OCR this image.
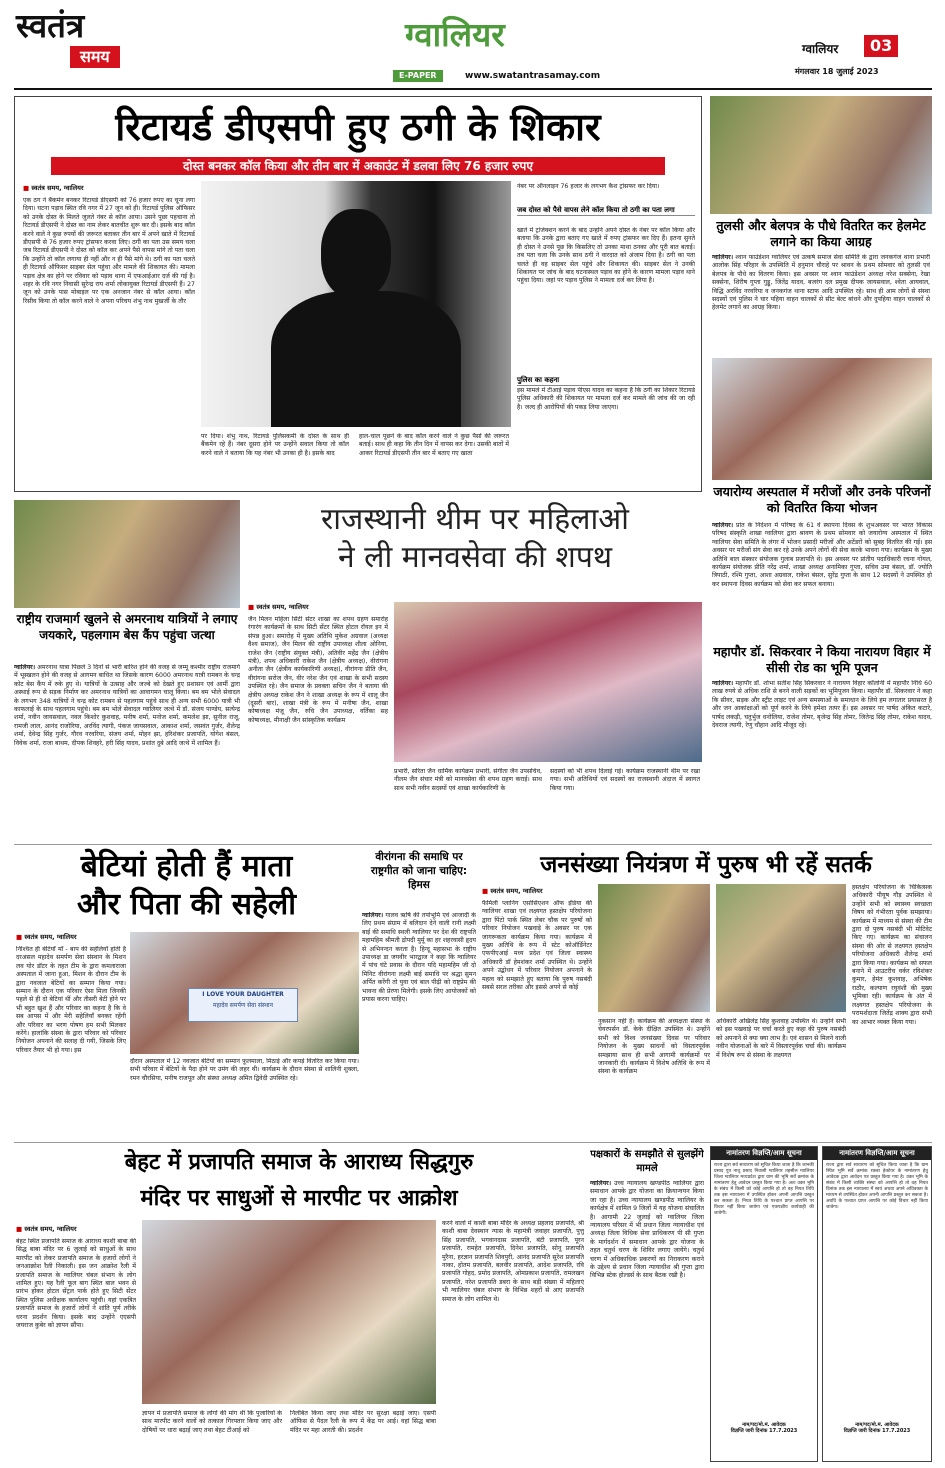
स्वतंत्र
समय
ग्वालियर
E-PAPER	www.swatantrasamay.com
ग्वालियर	03
मंगलवार 18 जुलाई 2023
रिटायर्ड डीएसपी हुए ठगी के शिकार
दोस्त बनकर कॉल किया और तीन बार में अकाउंट में डलवा लिए 76 हजार रुपए
■ स्वतंत्र समय, ग्वालियर
एक ठग ने बैंकमेन बनकर रिटायर्ड डीएसपी को 76 हजार रुपए का चूना लगा दिया। घटना पड़ाव स्थित रवि नगर में 27 जून को ही। रिटायर्ड पुलिस ऑफिसर को उनके दोस्त के मिलते जुलते नंबर से कॉल आया। उसने पूछा पहचाना तो रिटायर्ड डीएसपी ने दोस्त का नाम लेकर बातचीत शुरू कर दी। इसके बाद कॉल करने वाले ने कुछ रुपयों की जरूरत बताकर तीन बार में अपने खाते में रिटायर्ड डीएसपी से 76 हजार रुपए ट्रांसफर करवा लिए। ठगी का पता उस समय चला जब रिटायर्ड डीएसपी ने दोस्त को कॉल कर अपने पैसे वापस मांगे तो पता चला कि उन्होंने तो कॉल लगाया ही नहीं और न ही पैसे मांगे थे। ठगी का पता चलते ही रिटायर्ड ऑफिसर साइबर सेल पहुंचा और मामले की शिकायत की। मामला पड़ाव क्षेत्र का होने पर रविवार को पड़ाव थाना में एफआईआर दर्ज की गई है। शहर के रवि नगर निवासी सुरेन्द्र राय शर्मा लोकायुक्त रिटायर्ड डीएसपी हैं। 27 जून को उनके पास मोबाइल पर एक अनजान नंबर से कॉल आया। कॉल रिसीव किया तो कॉल करने वाले ने अपना परिचय शंभु नाथ मुखर्जी के तौर
पर दिया। शंभु नाथ, रिटायर्ड पुलिसकर्मी के दोस्त के साथ ही बैंकमेन रहे हैं। नंबर दूसरा होने पर उन्होंने सवाल किया तो कॉल करने वाले ने बताया कि यह नंबर भी उनका ही है। इसके बाद
हाल-चाल पूछने के बाद कॉल करने वाले ने कुछ पैसों की जरूरत बताई। साथ ही कहा कि तीन दिन में वापस कर देगा। उसकी बातों में आकर रिटायर्ड डीएसपी तीन बार में बताए गए खाता
नंबर पर ऑनलाइन 76 हजार के लगभग कैश ट्रांसफर कर दिया।
जब दोस्त को पैसे वापस लेने कॉल किया तो ठगी का पता लगा
खाते में ट्रांजेक्शन करने के बाद उन्होंने अपने दोस्त के नंबर पर कॉल किया और बताया कि उनके द्वारा बताए गए खाते में रुपए ट्रांसफर कर दिए हैं। इतना सुनते ही दोस्त ने उनसे पूछ कि किसलिए तो उनका माथा ठनका और पूरी बात बताई। तब पता चला कि उनके साथ ठगी ने वारदात को अंजाम दिया है। ठगी का पता चलते ही वह साइबर सेल पहुंचे और शिकायत की। साइबर सेल ने उनकी शिकायत पर जांच के बाद घटनास्थल पड़ाव का होने के कारण मामला पड़ाव थाने पहुंचा दिया। जहां पर पड़ाव पुलिस ने मामला दर्ज कर लिया है।
पुलिस का कहना
इस मामले में टीआई पड़ाव पीएस यादव का कहना है कि ठगी का शिकार रिटायर्ड पुलिस अधिकारी की शिकायत पर मामला दर्ज कर मामले की जांच की जा रही है। जल्द ही आरोपियों की पकड़ लिया जाएगा।
तुलसी और बेलपत्र के पौधे वितरित कर हेलमेट लगाने का किया आग्रह
ग्वालियर। श्वान फाउंडेशन ग्वालियर एवं उत्कर्ष समाज सेवा समिति के द्वारा जनकगंज थाना प्रभारी आलोक सिंह परिहार के उपस्थिति में हनुमान चौराहे पर श्रावन के प्रथम सोमवार को तुलसी एवं बेलपत्र के पौधे का वितरण किया। इस अवसर पर श्वान फाउंडेशन अध्यक्ष नरेश सक्सेना, रेखा सक्सेना, शिरीष गुप्ता गुड्डू, जितेंद्र यादव, बजरंग दल प्रमुख दीपक जायसवाल, श्वेता आयवाल, विद्धि अरविंद नरवरिया व जनकगंज थाना स्टाफ आदि उपस्थित रहे। साथ ही आम लोगों से संस्था सदस्यों एवं पुलिस ने चार पहिया वाहन चालकों से सीट बेल्ट बांधने और दुपहिया वाहन चालकों से हेलमेट लगाने का आग्रह किया।
जयारोग्य अस्पताल में मरीजों और उनके परिजनों को वितरित किया भोजन
ग्वालियर। प्रांत के निर्देशन में परिषद के 61 वें स्थापना दिवस के शुभअवसर पर भारत विकास परिषद संस्कृति शाखा ग्वालियर द्वारा श्रावण के प्रथम सोमवार को जयारोग्य अस्पताल में स्थित ग्वालियर सेवा समिति के लंगर में भोजन प्रसादी मरीजों और अटेंडरों को सुबह वितरित की गई। इस अवसर पर मरीजों संग सेवा कर रहे उनके अपने लोगों की सेवा करके भावना गया। कार्यक्रम के मुख्य अतिथि बाल संस्कार संयोजक गुलाब प्रजापति थे। इस अवसर पर प्रांतीय पदाधिकारी रचना गोयल, कार्यक्रम संयोजक प्रीति नरेंद्र शर्मा, शाखा अध्यक्ष अनामिका गुप्ता, सचिव उमा बंसल, डॉ. ज्योति त्रिपाठी, रश्मि गुप्ता, आशा अग्रवाल, राकेश बंसल, सुरेंद्र गुप्ता के साथ 12 सदस्यों ने उपस्थित हो कर स्थापना दिवस कार्यक्रम को सेवा कर सफल बनाया।
महापौर डॉ. सिकरवार ने किया नारायण विहार में सीसी रोड का भूमि पूजन
ग्वालियर। महापौर डॉ. शोभा सतीश सिंह सिकरवार ने नारायण विहार कॉलोनी में महापौर निधि 60 लाख रुपये से अधिक राशि से बनने वाली सड़कों का भूमिपूजन किया। महापौर डॉ. सिकरवार ने कहा कि सीवर, सड़क और स्ट्रीट लाइट एवं अन्य समस्याओं के समाधान के लिये हम लगातार प्रयासरत है और जन आकांक्षाओं को पूर्ण करने के लिये हमेशा तत्पर हैं। इस अवसर पर पार्षद अंकित कटारे, पार्षद लकड़ी, चतुर्भुज धनोलिया, राजेश तोमर, बृजेन्द्र सिंह तोमर, जितेन्द्र सिंह तोमर, राकेश यादव, देवराज त्यागी, रेणु चौहान आदि मौजूद रहे।
राष्ट्रीय राजमार्ग खुलने से अमरनाथ यात्रियों ने लगाए जयकारे, पहलगाम बेस कैंप पहुंचा जत्था
ग्वालियर। अमरनाथ यात्रा पिछले 3 दिनों से भारी बारिश होने की वजह से जम्मू कश्मीर राष्ट्रीय राजमार्ग में भूस्खलन होने की वजह से आगमन बाधित था जिसके कारण 6000 अमरनाथ यात्री रामबन के चन्द्र कोट बेस कैंप में रुके हुए थे। यात्रियों के उत्साह और जज्बे को देखते हुए प्रशासन एवं आर्मी द्वारा अस्थाई रूप से सड़क निर्माण कर अमरनाथ यात्रियों का आवागमन चालू किया। बम बम भोले सेवादल के लगभग 348 यात्रियों ने चन्द्र कोट रामबन से पहलगाम पहुंचे साथ ही अन्य सभी 6000 यात्री भी काफलाई के साथ पहलगाम पहुंचे। बम बम भोले सेवादल ग्वालियर जत्थे में डॉ. संजय पाण्डेय, सत्येन्द्र शर्मा, नवीन जायसवाल, नवल किशोर कुशवाह, मनीष शर्मा, मनोज शर्मा, कमलेश झा, सुनील राजू, रामजी लाल, आनंद राजोरिया, अरविंद त्यागी, पंकज जायसवाल, आकाश शर्मा, जसवंत गुर्जर, शैलेन्द्र शर्मा, देवेन्द्र सिंह गुर्जर, गौरव नरवरिया, संजय शर्मा, मोहन झा, हरिशंकर प्रजापति, योगेश बंसल, विवेक शर्मा, राजा बाथम, दीपक शिवहरे, हरी सिंह यादव, प्रशांत दुबे आदि जत्थे में शामिल हैं।
राजस्थानी थीम पर महिलाओ
ने ली मानवसेवा की शपथ
■ स्वतंत्र समय, ग्वालियर
जैन मिलन महिला सिटी सेंटर शाखा का शपथ ग्रहण समारोह रंगारंग कार्यक्रमों के साथ सिटी सेंटर स्थित होटल रॉयल इन में संपन्न हुआ। समारोह में मुख्य अतिथि मुकेश अग्रवाल (अध्यक्ष वैश्य समाज), जैन मिलन की राष्ट्रीय उपाध्यक्ष शीला ओनिया, राजेश जैन (राष्ट्रीय संयुक्त मंत्री), अतिवीर महेंद्र जैन (क्षेत्रीय मंत्री), शपथ अधिकारी राकेश जैन (क्षेत्रीय अध्यक्ष), वीरांगना अनीता जैन (क्षेत्रीय कार्यकारिणी अध्यक्ष), वीरांगना प्रीति जैन, वीरांगना सरोज जैन, वीर नरेश जैन एवं शाखा के सभी सदस्य उपस्थित रहे। जैन समाज के प्रवक्ता सचिन जैन ने बताया की क्षेत्रीय अध्यक्ष राकेश जैन ने शाखा अध्यक्ष के रूप में शालू जैन (दूसरी बार), शाखा मंत्री के रूप में मनीषा जैन, शाखा कोषाध्यक्ष मंजू जैन, रुचि जैन उपाध्यक्ष, वर्तिका सह कोषाध्यक्ष, मीनाक्षी जैन सांस्कृतिक कार्यक्रम
प्रभारी, सरिता जैन धार्मिक कार्यक्रम प्रभारी, संगीता जैन उपसचिव, नीलम जैन संचार मंत्री को मानवसेवा की शपथ ग्रहण कराई। साथ साथ सभी नवीन सदस्यों एवं शाखा कार्यकारिणी के
सदस्यों को भी शपथ दिलाई गई। कार्यक्रम राजस्थानी थीम पर रखा गया। सभी अतिथियों एवं सदस्यों का राजस्थानी अंदाज में स्वागत किया गया।
बेटियां होती हैं माता
और पिता की सहेली
■ स्वतंत्र समय, ग्वालियर
निश्चित ही बेटियाँ माँ - बाप की सहेलियाँ होती है दरअसल महादेव समर्पण सेवा संस्थान के मिशन लव योर डॉटर के तहत टीम के द्वारा कमलाराजा अस्पताल में जाना हुआ, मिशन के दौरान टीम के द्वारा नवजात बेटियों का सम्मान किया गया। सम्मान के दौरान एक परिवार ऐसा मिला जिनकी पहले से ही दो बेटियां थीं और तीसरी बेटी होने पर भी बहुत खुश हैं और परिवार का कहना है कि वे सब आपस में और मेरी सहेलियाँ बनकर रहेंगी और परिवार का भरण पोषण हम सभी मिलकर करेंगे। हालांकि संस्था के द्वारा परिवार को परिवार नियोजन अपनाने की सलाह दी गयी, जिसके लिए परिवार तैयार भी हो गया। इस
I LOVE YOUR DAUGHTER
महादेव समर्पण सेवा संस्थान
दौरान अस्पताल में 12 नवजात बेटियों का सम्मान फूलमाला, मिठाई और कपड़े वितरित कर किया गया। सभी परिवार में बेटियों के पैदा होने पर उमंग की लहर थी। कार्यक्रम के दौरान संस्था से शालिनी शुक्ला, रमन चौरसिया, मनीष राजपूत और संस्था अध्यक्ष अमित द्विवेदी उपस्थित रहे।
वीरांगना की समाधि पर राष्ट्रगीत को जाना चाहिए: हिमस
ग्वालियर। गालव ऋषि की तपोभूमि एवं आजादी के लिए प्रथम संग्राम में बलिदान देने वाली रानी लक्ष्मी बाई की समाधि स्थली ग्वालियर पर देश की राष्ट्रपति महामहिम श्रीमती द्रोपदी मुर्मू का हर शहरवासी हृदय से अभिनन्दन करता है। हिन्दू महासभा के राष्ट्रीय उपाध्यक्ष डा जयवीर भारद्वाज ने कहा कि ग्वालियर में पांच घंटे प्रवास के दौरान यदि महामहिम जी दो मिनिट वीरांगना लक्ष्मी बाई समाधि पर श्रद्धा सुमन अर्पित करेंगी तो युवा एवं बाल पीढ़ी को राष्ट्रप्रेम की भावना की प्रेरणा मिलेगी। इसके लिए आयोजकों को प्रयास करना चाहिए।
जनसंख्या नियंत्रण में पुरुष भी रहें सतर्क
■ स्वतंत्र समय, ग्वालियर
फैमिली प्लानिंग एसोसिएशन ऑफ इंडिया की ग्वालियर शाखा एवं लक्ष्यगत हस्तक्षेप परियोजना द्वारा पिंटो पार्क स्थित लेबर चौक पर पुरुषों को परिवार नियोजन पखवाड़े के अवसर पर एक जागरूकता कार्यक्रम किया गया। कार्यक्रम में मुख्य अतिथि के रूप में स्टेट कोऑर्डिनेटर एफपीएआई मध्य प्रदेश एवं जिला स्वास्थ्य अधिकारी डॉ हेमशंकर शर्मा उपस्थित थे। उन्होंने अपने उद्बोधन में परिवार नियोजन अपनाने के महत्व को समझाते हुए बताया कि पुरुष नसबंदी सबसे सरल तरीका और इससे अपने से कोई
नुकसान नहीं है। कार्यक्रम की अध्यक्षता संस्था के चेयरपर्सन डॉ. केके दीक्षित उपस्थित थे। उन्होंने सभी को विश्व जनसंख्या दिवस पर परिवार नियोजन के मुख्य साधनों को विस्तारपूर्वक समझाया साथ ही सभी आगामी कार्यक्रमों पर जानकारी दी। कार्यक्रम में विशेष अतिथि के रूप में संस्था के कार्यक्रम
अधिकारी अखिलेंद्र सिंह कुशवाह उपस्थित थे। उन्होंने सभी को इस पखवाड़े पर चर्चा करते हुए कहा की पुरुष नसबंदी को अपनाने से क्या क्या लाभ है। एवं शासन से मिलने वाली नवीन योजनाओं के बारे में विस्तारपूर्वक चर्चा की। कार्यक्रम में विशेष रूप से संस्था के लक्ष्यगत
हस्तक्षेप परियोजना के चिकित्सक अधिकारी पीयूष गौड़ उपस्थित थे उन्होंने सभी को स्वास्थ्य स्वच्छता विषय को गंभीरता पूर्वक समझाया। कार्यक्रम में माध्यम से संस्था की टीम द्वारा दो पुरुष नसबंदी भी मोटिवेट किए गए। कार्यक्रम का संचालन संस्था की ओर से लक्ष्यगत हस्तक्षेप परियोजना अधिकारी शैलेन्द्र शर्मा द्वारा किया गया। कार्यक्रम को सफल बनाने में आउटरीच वर्कर रविशंकर कुमार, हेमंत कुशवाह, अभिषेक राठौर, कल्याण रघुवंशी की मुख्य भूमिका रही। कार्यक्रम के अंत में लक्ष्यगत हस्तक्षेप परियोजना के परामर्शदाता जितेंद्र शाक्य द्वारा सभी का आभार व्यक्त किया गया।
बेहट में प्रजापति समाज के आराध्य सिद्धगुरु
मंदिर पर साधुओं से मारपीट पर आक्रोश
■ स्वतंत्र समय, ग्वालियर
बेहट स्थित प्रजापति समाज के आराध्य काशी बाबा की सिद्ध बाबा मंदिर पर 6 जुलाई को साधुओं के साथ मारपीट को लेकर प्रजापति समाज के हजारों लोगों ने जनआक्रोश रैली निकाली। इस जन आक्रोश रैली में प्रजापति समाज के ग्वालियर चंबल संभाग के लोग शामिल हुए। यह रैली फूल बाग स्थित बाल भवन से प्रारंभ होकर होटल सेंट्रल पार्क होते हुए सिटी सेंटर स्थित पुलिस अधीक्षक कार्यालय पहुंची। यहां एकत्रित प्रजापति समाज के हजारों लोगों ने शांति पूर्ण तरीके धरना प्रदर्शन किया। इसके बाद उन्होंने एएसपी जयराज कुबेर को ज्ञापन सौंपा।
ज्ञापन में प्रजापति समाज के लोगों की मांग थी कि पुजारियों के साथ मारपीट करने वालों को तत्काल गिरफ्तार किया जाए और दोषियों पर धारा बढ़ाई जाए तथा बेहट टीआई को
निलंबित किया जाए तथा मंदिर पर सुरक्षा बढ़ाई जाए। एसपी ऑफिस से पैदल रैली के रूप में केंद्र पर आई। वहां सिद्ध बाबा मंदिर पर महा आरती की। प्रदर्शन
करने वालों में काशी बाबा मंदिर के अध्यक्ष प्रहलाद प्रजापति, श्री काशी बाबा देवस्थान न्यास के महामंत्री जवाहर प्रजापति, पुत्तु सिंह प्रजापति, भगवानदास प्रजापति, बंटी प्रजापति, पूरन प्रजापति, रामहेत प्रजापति, दिनेश प्रजापति, सोनू प्रजापति मुरैना, हरज्ञान प्रजापति शिवपुरी, आनंद प्रजापति सुरेश प्रजापति नाका, होतम प्रजापति, बलवीर प्रजापति, आदेश प्रजापति, रवि प्रजापति गोहद, प्रमोद प्रजापति, ओमप्रकाश प्रजापति, रामलखन प्रजापति, नरेश प्रजापति डबरा के साथ बड़ी संख्या में महिलाएं भी ग्वालियर चंबल संभाग के विभिन्न शहरों से आए प्रजापति समाज के लोग शामिल थे।
पक्षकारों के समझौते से सुलझेंगे मामले
ग्वालियर। उच्च न्यायालय खण्डपीठ ग्वालियर द्वारा समाधान आपके द्वार योजना का क्रियान्वयन किया जा रहा है। उच्च न्यायालय खण्डपीठ ग्वालियर के कार्यक्षेत्र में शामिल 9 जिलों में यह योजना संचालित है। आगामी 22 जुलाई को ग्वालियर जिला न्यायालय परिसर में भी प्रधान जिला न्यायाधीश एवं अध्यक्ष जिला विधिक सेवा प्राधिकरण पी सी गुप्ता के मार्गदर्शन में समाधान आपके द्वार योजना के तहत चतुर्थ चरण के शिविर लगाए जायेंगे। चतुर्थ चरण में अधिकाधिक प्रकरणों का निराकरण कराने के उद्देश्य से प्रधान जिला न्यायाधीश श्री गुप्ता द्वारा विभिन्न स्टेक होल्डर्स के साथ बैठक रखी है।
नामांतरण विज्ञप्ति/आम सूचना
राज्य द्वारा सर्व साधारण को सूचित किया जाता है कि जानकी प्रसाद पुत्र नाथू प्रसाद निवासी ग्वालियर तहसील ग्वालियर जिला ग्वालियर मध्यप्रदेश द्वारा ग्राम की भूमि सर्वे क्रमांक के नामांतरण हेतु आवेदन प्रस्तुत किया गया है। अतः उक्त भूमि के संबंध में किसी को कोई आपत्ति हो तो वह नियत तिथि तक इस न्यायालय में उपस्थित होकर अपनी आपत्ति प्रस्तुत कर सकता है। नियत तिथि के पश्चात प्राप्त आपत्ति पर विचार नहीं किया जावेगा एवं एकपक्षीय कार्यवाही की जावेगी।
नाम/पद/मो.मं. आवेदक
विज्ञप्ति जारी दिनांक 17.7.2023
नामांतरण विज्ञप्ति/आम सूचना
राज्य द्वारा सर्व साधारण को सूचित किया जाता है कि ग्राम स्थित भूमि सर्वे क्रमांक रकबा हेक्टेयर के नामांतरण हेतु आवेदक द्वारा आवेदन पत्र प्रस्तुत किया गया है। उक्त भूमि के संबंध में किसी व्यक्ति संस्था को आपत्ति हो तो वह नियत दिनांक तक इस न्यायालय में स्वयं अथवा अपने अधिवक्ता के माध्यम से उपस्थित होकर अपनी आपत्ति प्रस्तुत कर सकता है। अवधि के पश्चात प्राप्त आपत्ति पर कोई विचार नहीं किया जावेगा।
नाम/पद/मो.मं. आवेदक
विज्ञप्ति जारी दिनांक 17.7.2023
